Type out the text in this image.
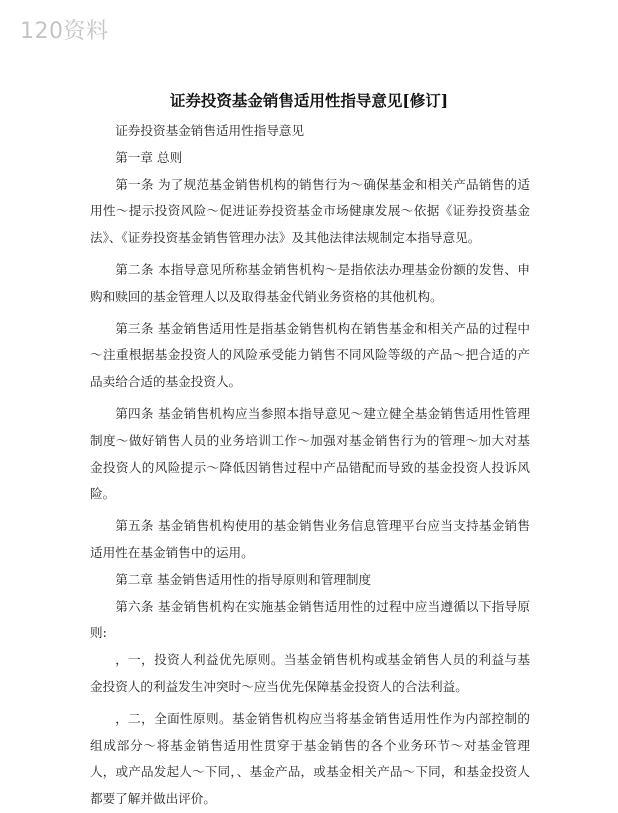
120资料
证券投资基金销售适用性指导意见[修订]

证券投资基金销售适用性指导意见

第一章 总则

第一条 为了规范基金销售机构的销售行为～确保基金和相关产品销售的适用性～提示投资风险～促进证券投资基金市场健康发展～依据《证券投资基金法》、《证券投资基金销售管理办法》及其他法律法规制定本指导意见。

第二条 本指导意见所称基金销售机构～是指依法办理基金份额的发售、申购和赎回的基金管理人以及取得基金代销业务资格的其他机构。

第三条 基金销售适用性是指基金销售机构在销售基金和相关产品的过程中～注重根据基金投资人的风险承受能力销售不同风险等级的产品～把合适的产品卖给合适的基金投资人。

第四条 基金销售机构应当参照本指导意见～建立健全基金销售适用性管理制度～做好销售人员的业务培训工作～加强对基金销售行为的管理～加大对基金投资人的风险提示～降低因销售过程中产品错配而导致的基金投资人投诉风险。

第五条 基金销售机构使用的基金销售业务信息管理平台应当支持基金销售适用性在基金销售中的运用。

第二章 基金销售适用性的指导原则和管理制度

第六条 基金销售机构在实施基金销售适用性的过程中应当遵循以下指导原则:

，一，投资人利益优先原则。当基金销售机构或基金销售人员的利益与基金投资人的利益发生冲突时～应当优先保障基金投资人的合法利益。

，二，全面性原则。基金销售机构应当将基金销售适用性作为内部控制的组成部分～将基金销售适用性贯穿于基金销售的各个业务环节～对基金管理人，或产品发起人～下同，、基金产品，或基金相关产品～下同，和基金投资人都要了解并做出评价。
